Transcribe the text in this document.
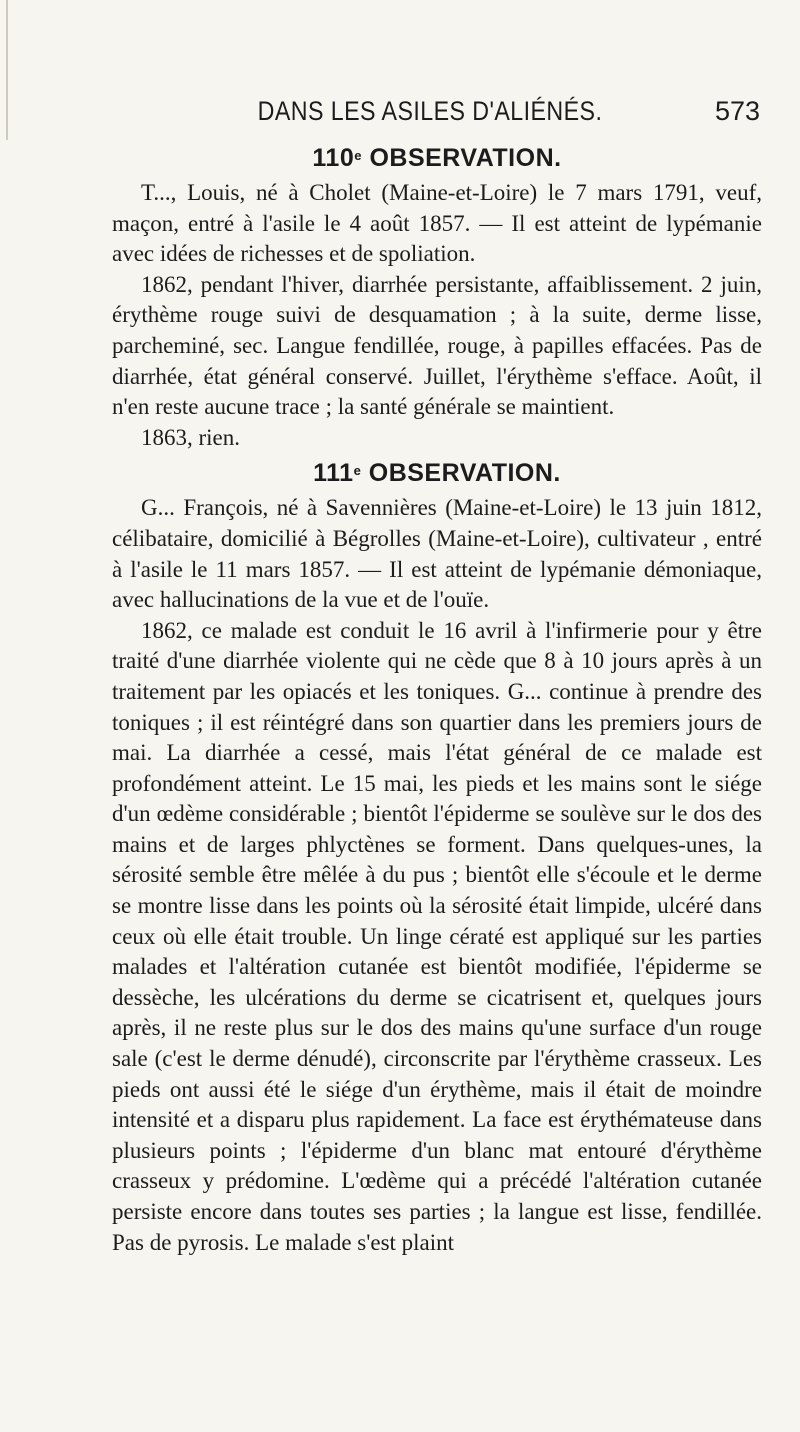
DANS LES ASILES D'ALIÉNÉS.	573
110e OBSERVATION.

T..., Louis, né à Cholet (Maine-et-Loire) le 7 mars 1791, veuf, maçon, entré à l'asile le 4 août 1857. — Il est atteint de lypémanie avec idées de richesses et de spoliation.

1862, pendant l'hiver, diarrhée persistante, affaiblissement. 2 juin, érythème rouge suivi de desquamation ; à la suite, derme lisse, parcheminé, sec. Langue fendillée, rouge, à papilles effacées. Pas de diarrhée, état général conservé. Juillet, l'érythème s'efface. Août, il n'en reste aucune trace ; la santé générale se maintient.

1863, rien.

111e OBSERVATION.

G... François, né à Savennières (Maine-et-Loire) le 13 juin 1812, célibataire, domicilié à Bégrolles (Maine-et-Loire), cultivateur , entré à l'asile le 11 mars 1857. — Il est atteint de lypémanie démoniaque, avec hallucinations de la vue et de l'ouïe.

1862, ce malade est conduit le 16 avril à l'infirmerie pour y être traité d'une diarrhée violente qui ne cède que 8 à 10 jours après à un traitement par les opiacés et les toniques. G... continue à prendre des toniques ; il est réintégré dans son quartier dans les premiers jours de mai. La diarrhée a cessé, mais l'état général de ce malade est profondément atteint. Le 15 mai, les pieds et les mains sont le siége d'un œdème considérable ; bientôt l'épiderme se soulève sur le dos des mains et de larges phlyctènes se forment. Dans quelques-unes, la sérosité semble être mêlée à du pus ; bientôt elle s'écoule et le derme se montre lisse dans les points où la sérosité était limpide, ulcéré dans ceux où elle était trouble. Un linge cératé est appliqué sur les parties malades et l'altération cutanée est bientôt modifiée, l'épiderme se dessèche, les ulcérations du derme se cicatrisent et, quelques jours après, il ne reste plus sur le dos des mains qu'une surface d'un rouge sale (c'est le derme dénudé), circonscrite par l'érythème crasseux. Les pieds ont aussi été le siége d'un érythème, mais il était de moindre intensité et a disparu plus rapidement. La face est érythémateuse dans plusieurs points ; l'épiderme d'un blanc mat entouré d'érythème crasseux y prédomine. L'œdème qui a précédé l'altération cutanée persiste encore dans toutes ses parties ; la langue est lisse, fendillée. Pas de pyrosis. Le malade s'est plaint
